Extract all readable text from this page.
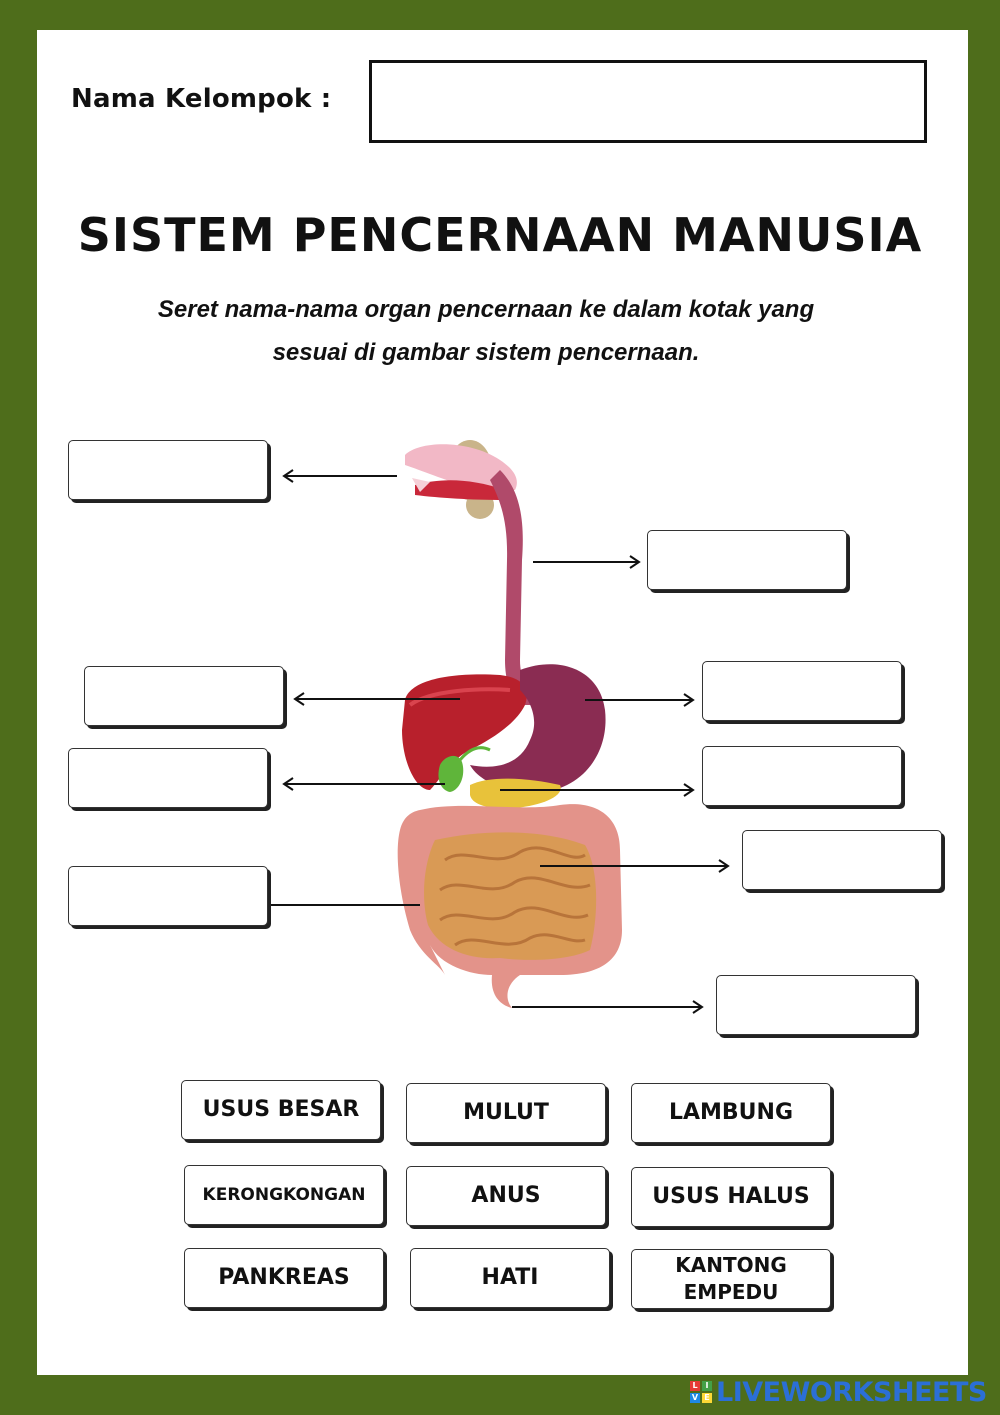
Nama Kelompok :
SISTEM PENCERNAAN MANUSIA
Seret nama-nama organ pencernaan ke dalam kotak yang
sesuai di gambar sistem pencernaan.
USUS BESAR	MULUT	LAMBUNG
KERONGKONGAN	ANUS	USUS HALUS
PANKREAS	HATI
KANTONG EMPEDU
L I
V E LIVEWORKSHEETS
